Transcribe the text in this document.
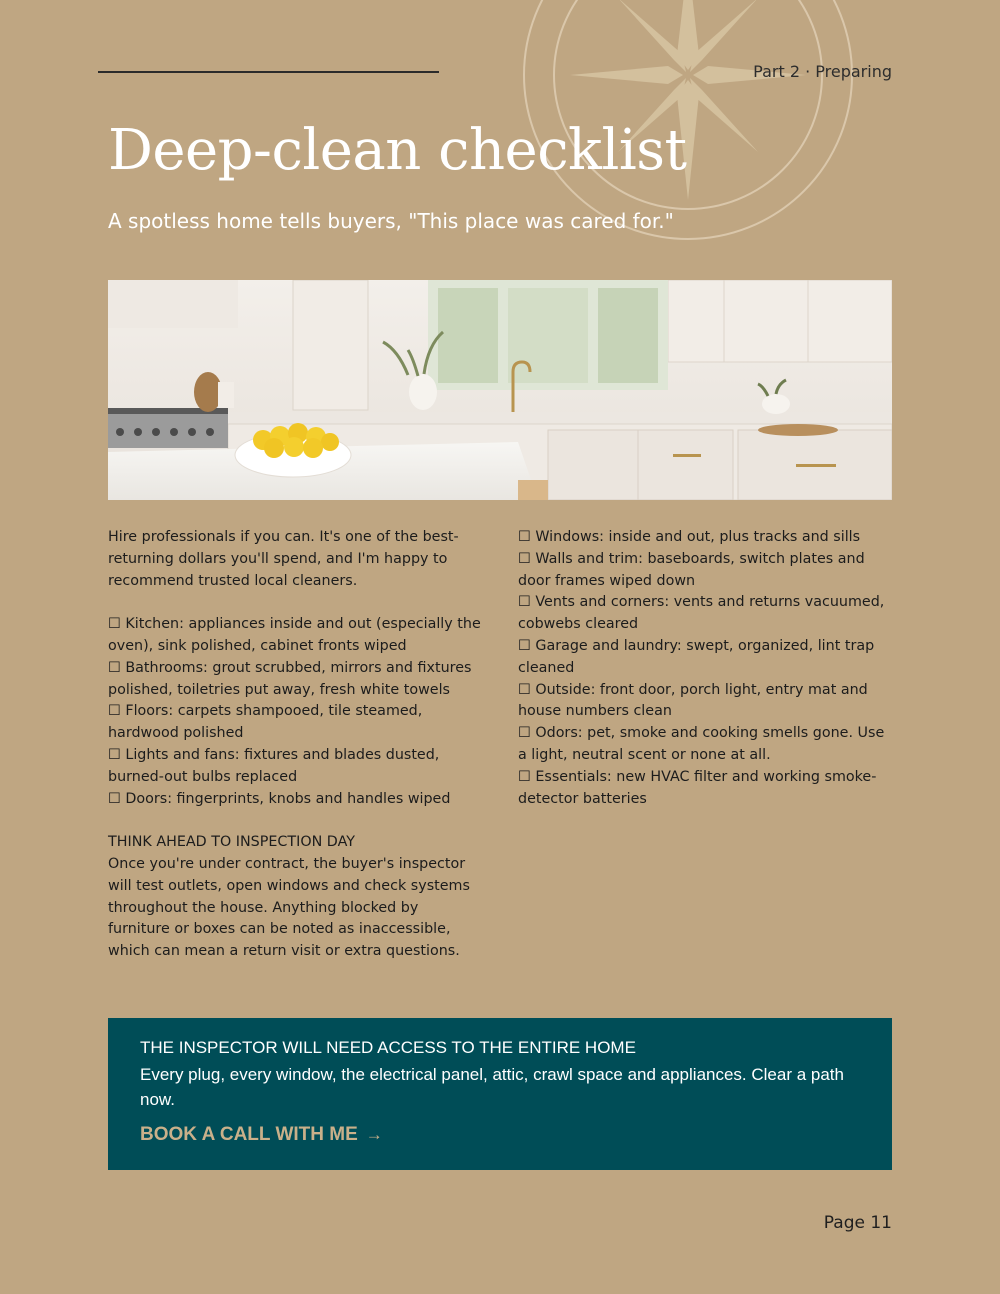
Part 2 · Preparing
Deep-clean checklist

A spotless home tells buyers, "This place was cared for."

Hire professionals if you can. It's one of the best-returning dollars you'll spend, and I'm happy to recommend trusted local cleaners.

☐ Kitchen: appliances inside and out (especially the oven), sink polished, cabinet fronts wiped

☐ Bathrooms: grout scrubbed, mirrors and fixtures polished, toiletries put away, fresh white towels

☐ Floors: carpets shampooed, tile steamed, hardwood polished

☐ Lights and fans: fixtures and blades dusted, burned-out bulbs replaced

☐ Doors: fingerprints, knobs and handles wiped

THINK AHEAD TO INSPECTION DAY

Once you're under contract, the buyer's inspector will test outlets, open windows and check systems throughout the house. Anything blocked by furniture or boxes can be noted as inaccessible, which can mean a return visit or extra questions.

☐ Windows: inside and out, plus tracks and sills

☐ Walls and trim: baseboards, switch plates and door frames wiped down

☐ Vents and corners: vents and returns vacuumed, cobwebs cleared

☐ Garage and laundry: swept, organized, lint trap cleaned

☐ Outside: front door, porch light, entry mat and house numbers clean

☐ Odors: pet, smoke and cooking smells gone. Use a light, neutral scent or none at all.

☐ Essentials: new HVAC filter and working smoke-detector batteries

THE INSPECTOR WILL NEED ACCESS TO THE ENTIRE HOME

Every plug, every window, the electrical panel, attic, crawl space and appliances. Clear a path now.

BOOK A CALL WITH ME →
Page 11
